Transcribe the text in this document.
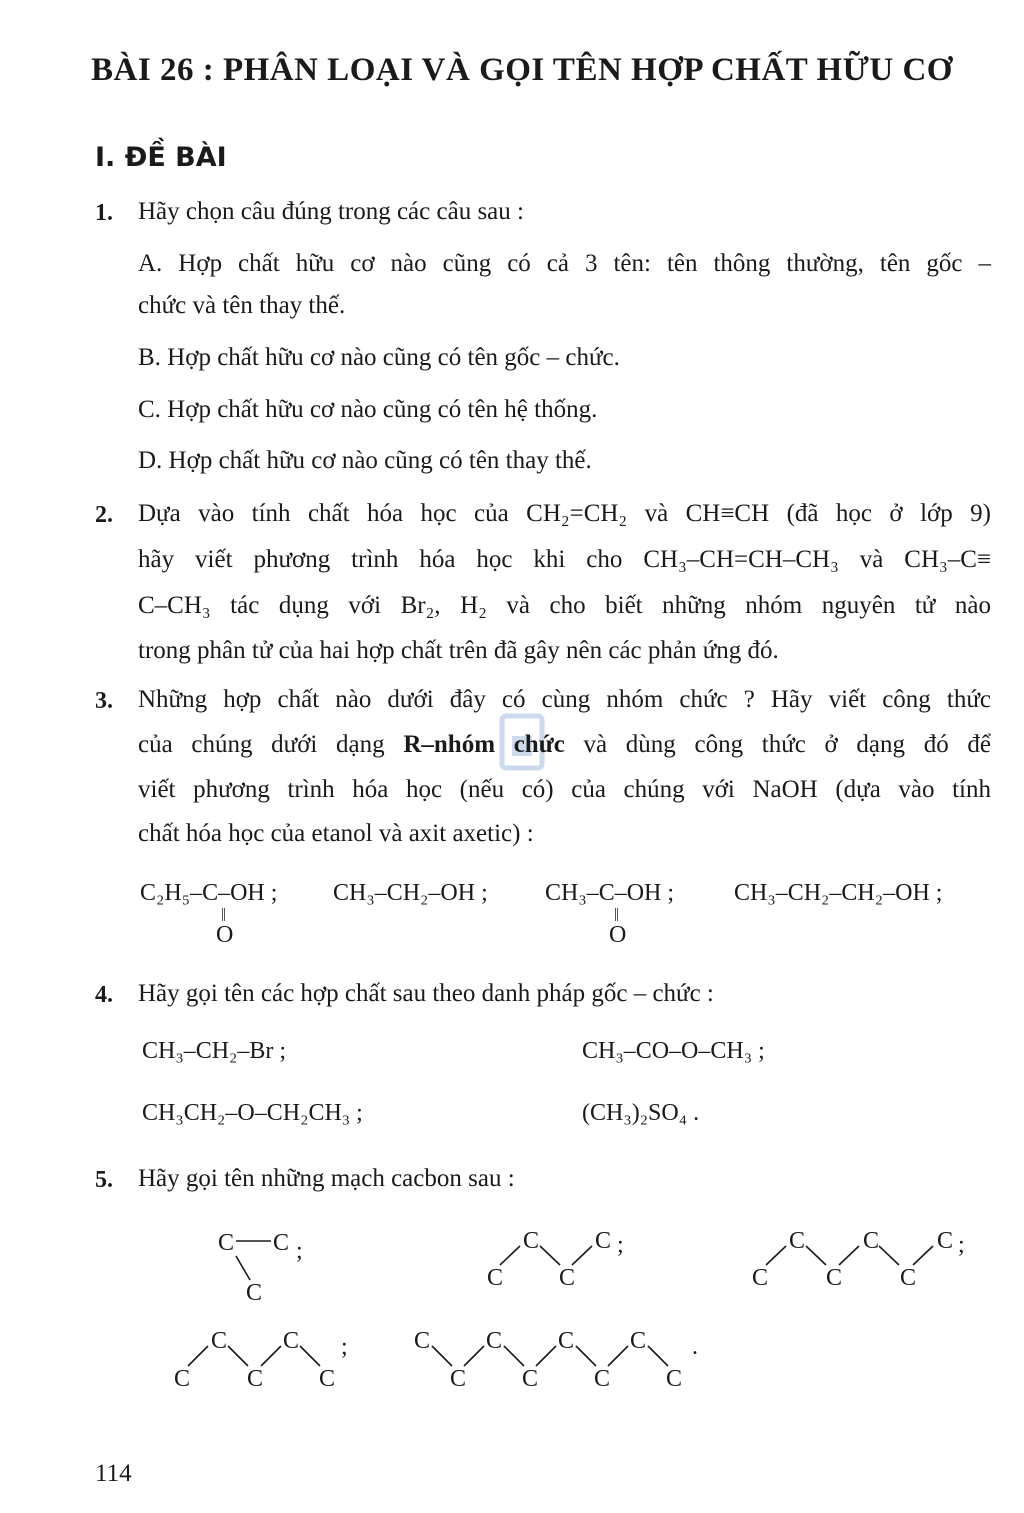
BÀI 26 : PHÂN LOẠI VÀ GỌI TÊN HỢP CHẤT HỮU CƠ
I. ĐỀ BÀI
1. Hãy chọn câu đúng trong các câu sau :
A. Hợp chất hữu cơ nào cũng có cả 3 tên: tên thông thường, tên gốc –
chức và tên thay thế.
B. Hợp chất hữu cơ nào cũng có tên gốc – chức.
C. Hợp chất hữu cơ nào cũng có tên hệ thống.
D. Hợp chất hữu cơ nào cũng có tên thay thế.
2. Dựa vào tính chất hóa học của CH₂=CH₂ và CH≡CH (đã học ở lớp 9)
hãy viết phương trình hóa học khi cho CH₃–CH=CH–CH₃ và CH₃–C≡
C–CH₃ tác dụng với Br₂, H₂ và cho biết những nhóm nguyên tử nào
trong phân tử của hai hợp chất trên đã gây nên các phản ứng đó.
3. Những hợp chất nào dưới đây có cùng nhóm chức ? Hãy viết công thức
của chúng dưới dạng R–nhóm chức và dùng công thức ở dạng đó để
viết phương trình hóa học (nếu có) của chúng với NaOH (dựa vào tính
chất hóa học của etanol và axit axetic) :
C₂H₅–C–OH ;
||
O
CH₃–CH₂–OH ; CH₃–C–OH ;
||
O
CH₃–CH₂–CH₂–OH ;
4. Hãy gọi tên các hợp chất sau theo danh pháp gốc – chức :
CH₃–CH₂–Br ;	CH₃–CO–O–CH₃ ;
CH₃CH₂–O–CH₂CH₃ ;	(CH₃)₂SO₄ .
5. Hãy gọi tên những mạch cacbon sau :
C C
C
;
C
C
C
C ;
C
C
C
C
C
C ;
C
C
C
C
C
;	C
C
C
C
C
C
C
C
.
114
